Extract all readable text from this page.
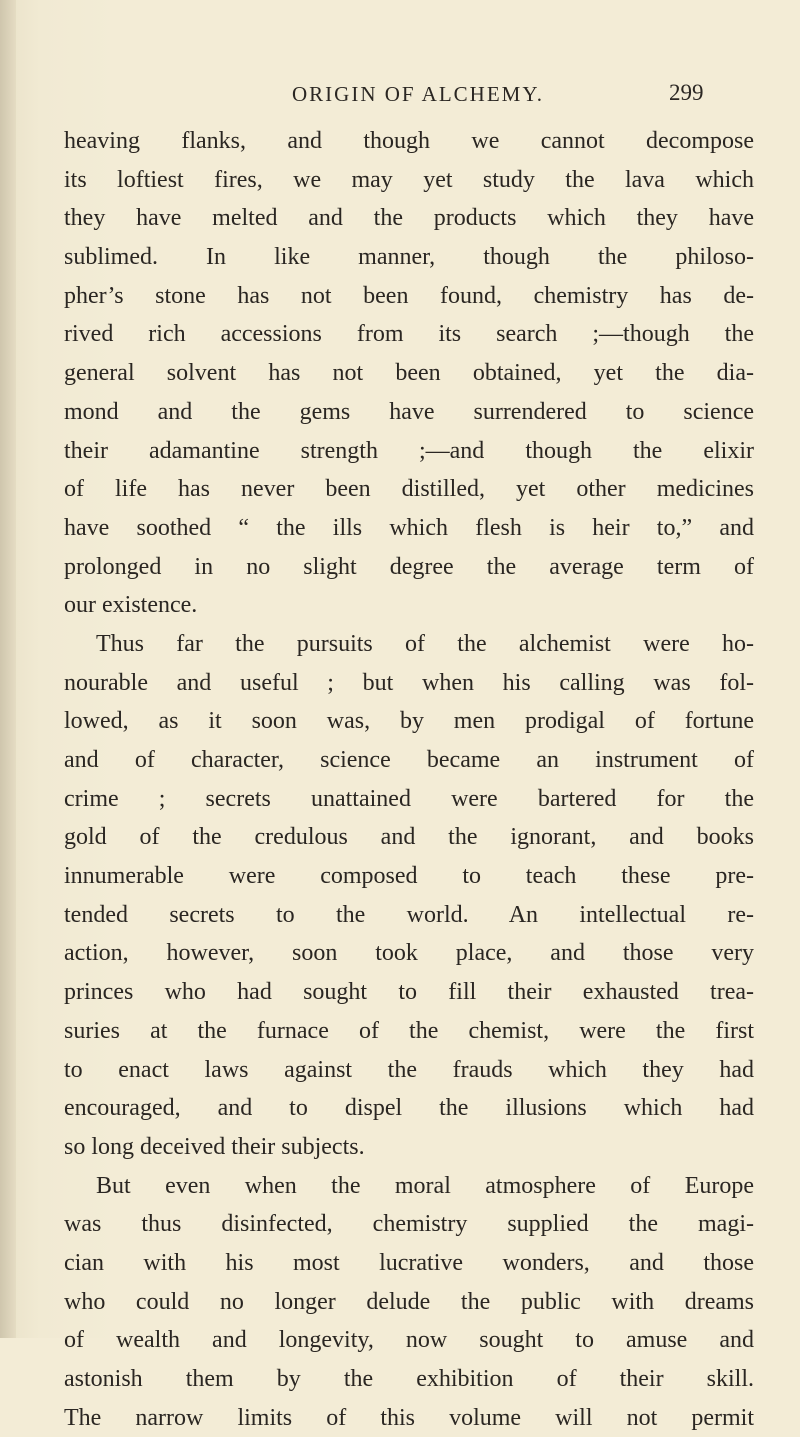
ORIGIN OF ALCHEMY.	299
heaving flanks, and though we cannot decompose
its loftiest fires, we may yet study the lava which
they have melted and the products which they have
sublimed. In like manner, though the philoso-
pher’s stone has not been found, chemistry has de-
rived rich accessions from its search ;—though the
general solvent has not been obtained, yet the dia-
mond and the gems have surrendered to science
their adamantine strength ;—and though the elixir
of life has never been distilled, yet other medicines
have soothed “ the ills which flesh is heir to,” and
prolonged in no slight degree the average term of
our existence.
Thus far the pursuits of the alchemist were ho-
nourable and useful ; but when his calling was fol-
lowed, as it soon was, by men prodigal of fortune
and of character, science became an instrument of
crime ; secrets unattained were bartered for the
gold of the credulous and the ignorant, and books
innumerable were composed to teach these pre-
tended secrets to the world. An intellectual re-
action, however, soon took place, and those very
princes who had sought to fill their exhausted trea-
suries at the furnace of the chemist, were the first
to enact laws against the frauds which they had
encouraged, and to dispel the illusions which had
so long deceived their subjects.
But even when the moral atmosphere of Europe
was thus disinfected, chemistry supplied the magi-
cian with his most lucrative wonders, and those
who could no longer delude the public with dreams
of wealth and longevity, now sought to amuse and
astonish them by the exhibition of their skill.
The narrow limits of this volume will not permit
